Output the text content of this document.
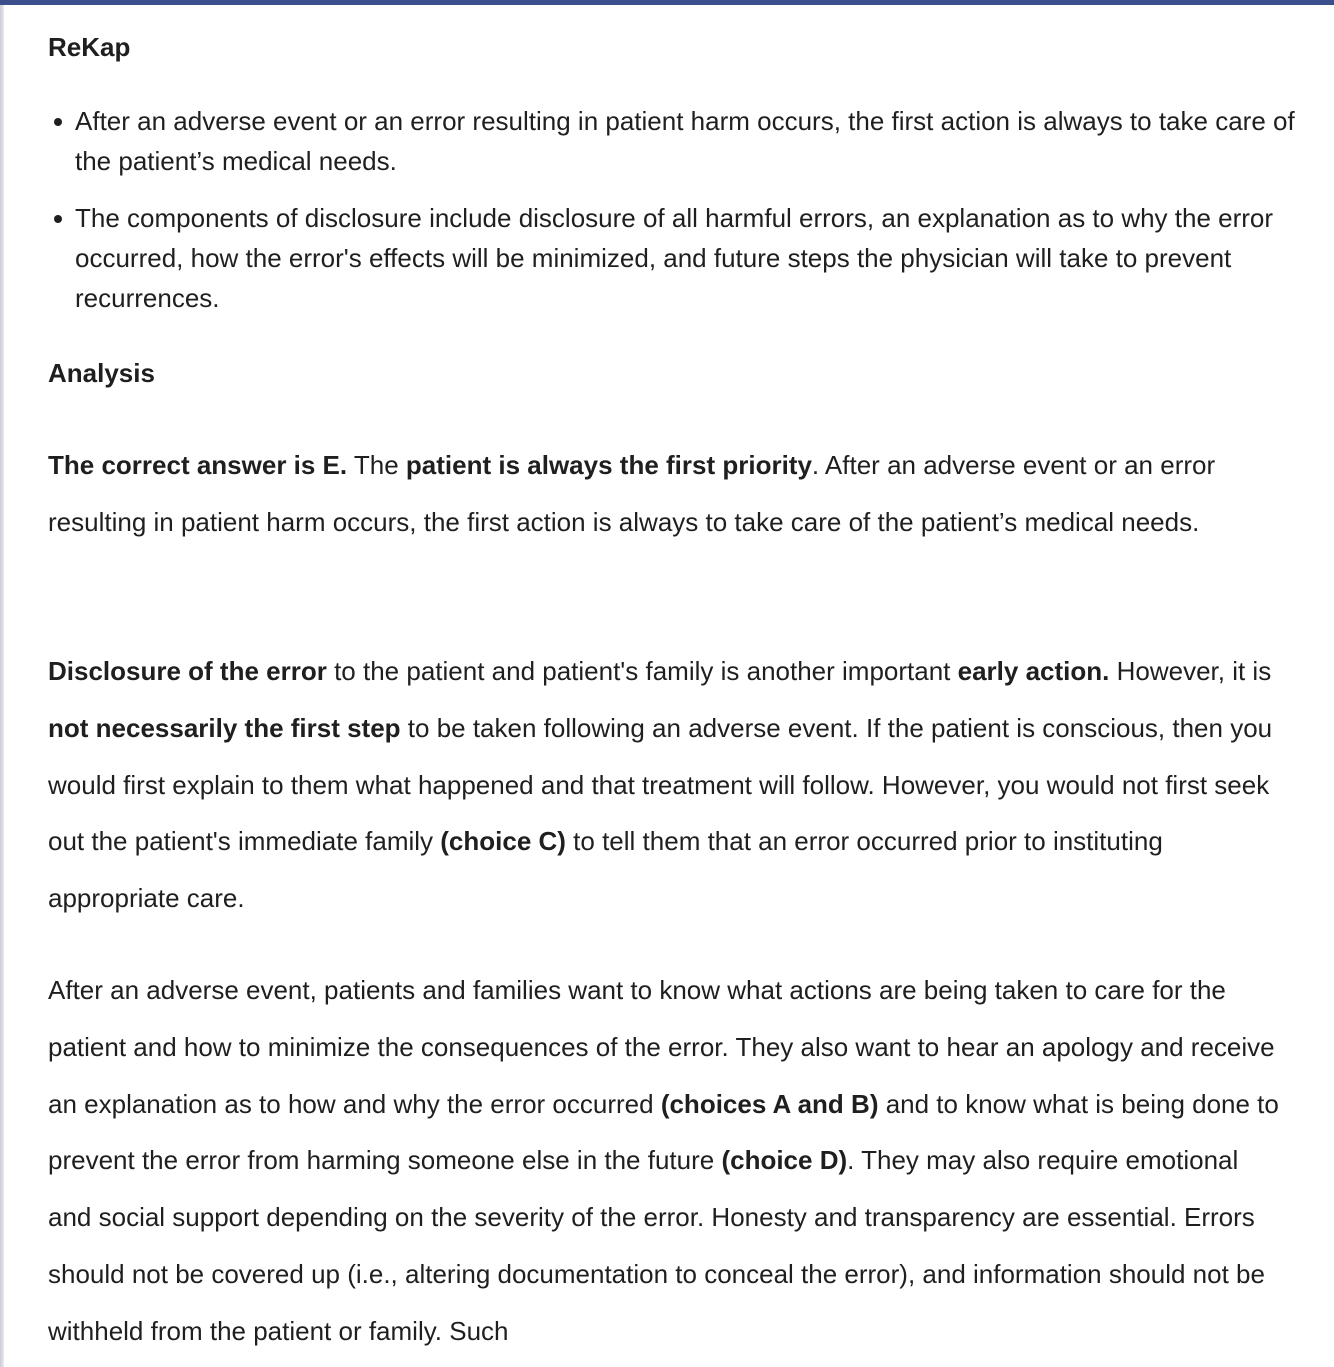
ReKap
After an adverse event or an error resulting in patient harm occurs, the first action is always to take care of the patient’s medical needs.
The components of disclosure include disclosure of all harmful errors, an explanation as to why the error occurred, how the error's effects will be minimized, and future steps the physician will take to prevent recurrences.
Analysis

The correct answer is E. The patient is always the first priority. After an adverse event or an error resulting in patient harm occurs, the first action is always to take care of the patient’s medical needs.

Disclosure of the error to the patient and patient's family is another important early action. However, it is not necessarily the first step to be taken following an adverse event. If the patient is conscious, then you would first explain to them what happened and that treatment will follow. However, you would not first seek out the patient's immediate family (choice C) to tell them that an error occurred prior to instituting appropriate care.

After an adverse event, patients and families want to know what actions are being taken to care for the patient and how to minimize the consequences of the error. They also want to hear an apology and receive an explanation as to how and why the error occurred (choices A and B) and to know what is being done to prevent the error from harming someone else in the future (choice D). They may also require emotional and social support depending on the severity of the error. Honesty and transparency are essential. Errors should not be covered up (i.e., altering documentation to conceal the error), and information should not be withheld from the patient or family. Such
